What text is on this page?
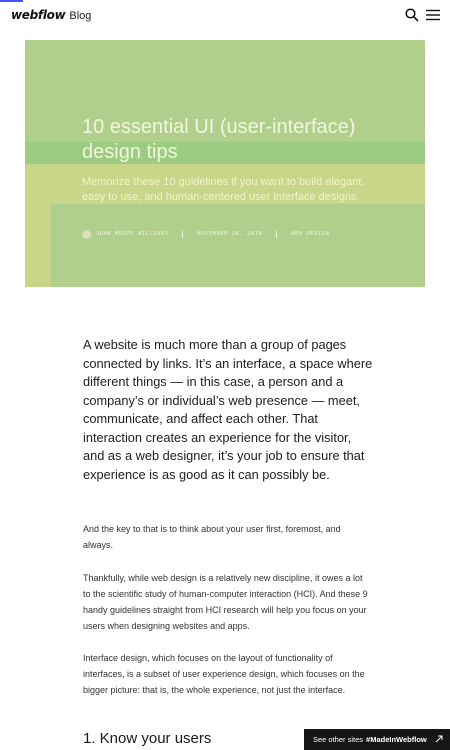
webflow Blog
10 essential UI (user-interface) design tips

Memorize these 10 guidelines if you want to build elegant, easy to use, and human-centered user interface designs.

JOHN MOORE WILLIAMS	NOVEMBER 26, 2019	WEB DESIGN

A website is much more than a group of pages connected by links. It’s an interface, a space where different things — in this case, a person and a company’s or individual’s web presence — meet, communicate, and affect each other. That interaction creates an experience for the visitor, and as a web designer, it’s your job to ensure that experience is as good as it can possibly be.

And the key to that is to think about your user first, foremost, and always.

Thankfully, while web design is a relatively new discipline, it owes a lot to the scientific study of human-computer interaction (HCI). And these 9 handy guidelines straight from HCI research will help you focus on your users when designing websites and apps.

Interface design, which focuses on the layout of functionality of interfaces, is a subset of user experience design, which focuses on the bigger picture: that is, the whole experience, not just the interface.

1. Know your users	See other sites #MadeInWebflow
